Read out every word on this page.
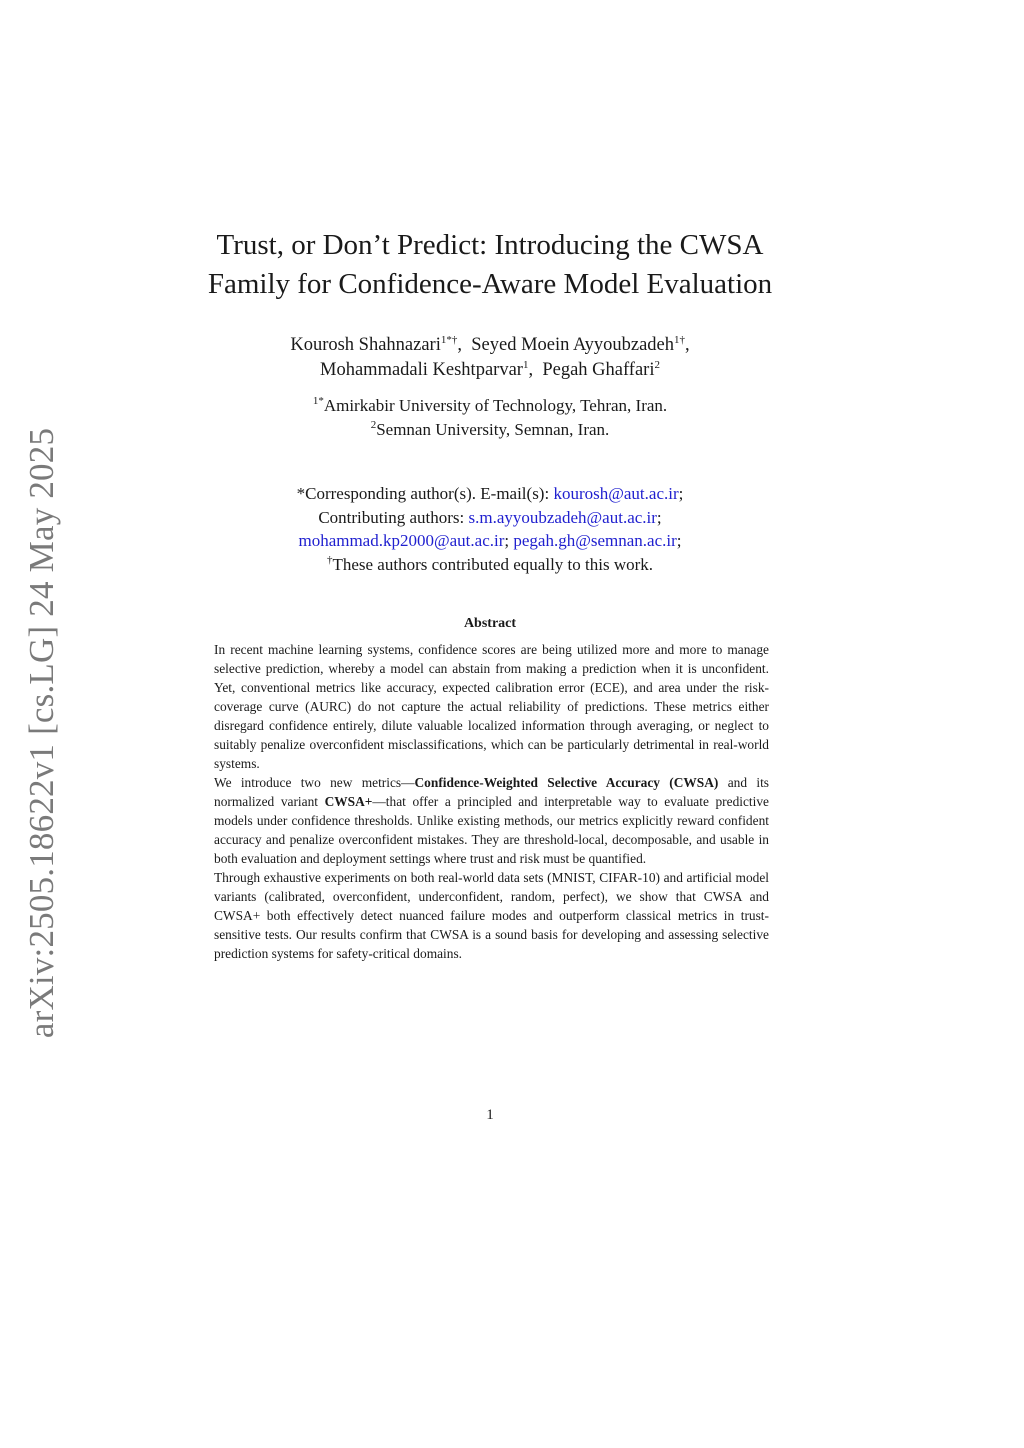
arXiv:2505.18622v1 [cs.LG] 24 May 2025
Trust, or Don’t Predict: Introducing the CWSA
Family for Confidence-Aware Model Evaluation
Kourosh Shahnazari$^{1*\dagger}$, Seyed Moein Ayyoubzadeh$^{1\dagger}$,
Mohammadali Keshtparvar$^1$, Pegah Ghaffari$^2$
$^{1*}$Amirkabir University of Technology, Tehran, Iran.
$^2$Semnan University, Semnan, Iran.
*Corresponding author(s). E-mail(s): kourosh@aut.ac.ir;
Contributing authors: s.m.ayyoubzadeh@aut.ac.ir;
mohammad.kp2000@aut.ac.ir; pegah.gh@semnan.ac.ir;
†These authors contributed equally to this work.
Abstract

In recent machine learning systems, confidence scores are being utilized more and more to manage selective prediction, whereby a model can abstain from making a prediction when it is unconfident. Yet, conventional metrics like accuracy, expected calibration error (ECE), and area under the risk-coverage curve (AURC) do not capture the actual reliability of predictions. These metrics either disregard confidence entirely, dilute valuable localized information through averaging, or neglect to suitably penalize overconfident misclassifications, which can be particularly detrimental in real-world systems.

We introduce two new metrics—Confidence-Weighted Selective Accuracy (CWSA) and its normalized variant CWSA+—that offer a principled and interpretable way to evaluate predictive models under confidence thresholds. Unlike existing methods, our metrics explicitly reward confident accuracy and penalize overconfident mistakes. They are threshold-local, decomposable, and usable in both evaluation and deployment settings where trust and risk must be quantified.

Through exhaustive experiments on both real-world data sets (MNIST, CIFAR-10) and artificial model variants (calibrated, overconfident, underconfident, random, perfect), we show that CWSA and CWSA+ both effectively detect nuanced failure modes and outperform classical metrics in trust-sensitive tests. Our results confirm that CWSA is a sound basis for developing and assessing selective prediction systems for safety-critical domains.

1
